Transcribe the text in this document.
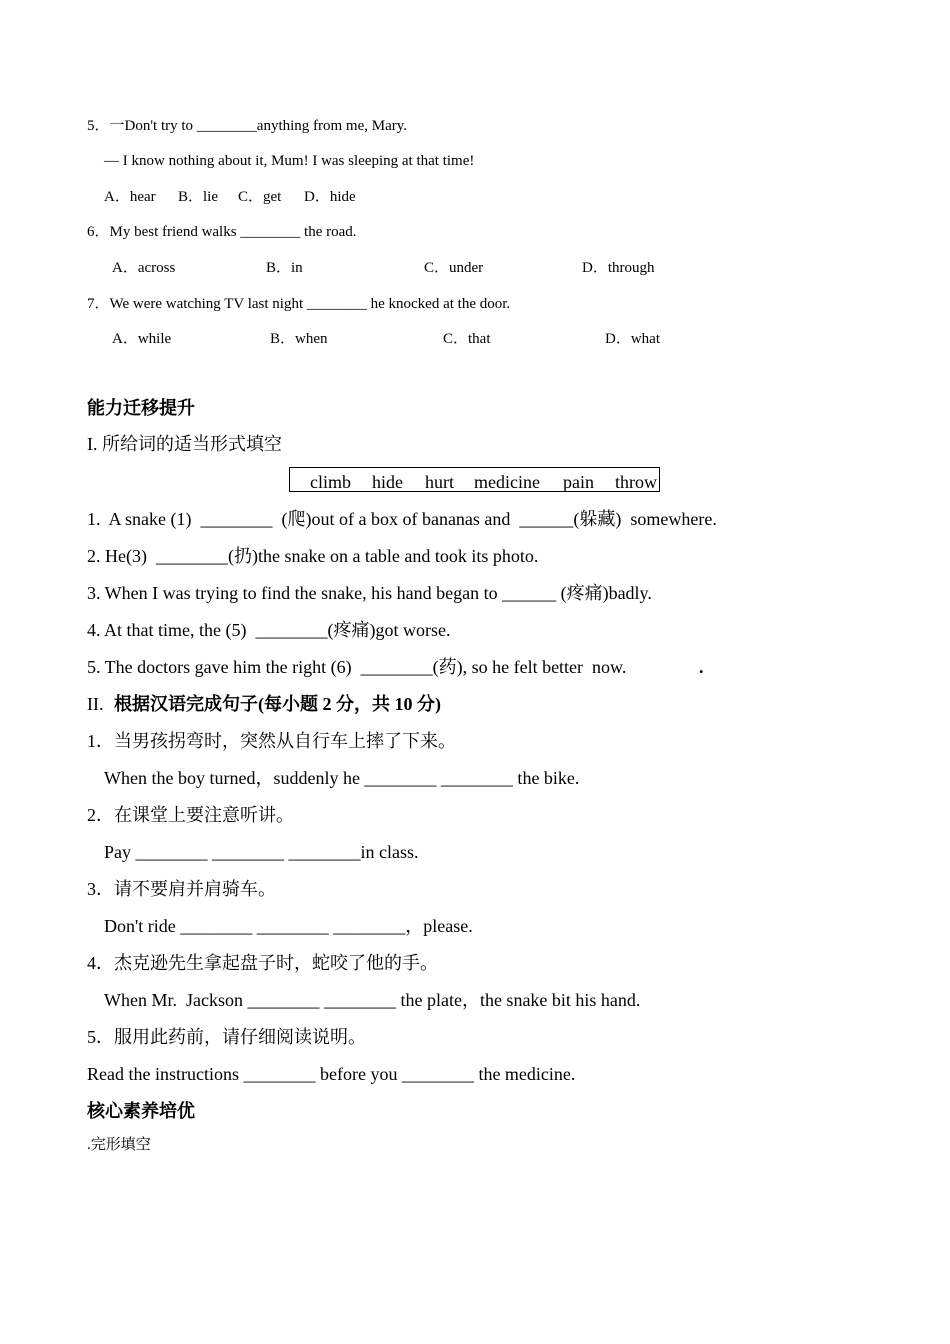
5．一Don't try to ________anything from me, Mary.
— I know nothing about it, Mum! I was sleeping at that time!
A．hear B．lie C．get D．hide
6．My best friend walks ________ the road.
A．across	B．in	C．under	D．through
7．We were watching TV last night ________ he knocked at the door.
A．while	B．when	C．that	D．what
能力迁移提升
I. 所给词的适当形式填空
climb hide hurt medicine pain throw
1.  A snake (1)  ________  (爬)out of a box of bananas and  ______(躲藏)  somewhere.
2. He(3)  ________(扔)the snake on a table and took its photo.
3. When I was trying to find the snake, his hand began to ______ (疼痛)badly.
4. At that time, the (5)  ________(疼痛)got worse.
5. The doctors gave him the right (6)  ________(药), so he felt better  now.	.
II. 根据汉语完成句子(每小题 2 分，共 10 分)
1．当男孩拐弯时，突然从自行车上摔了下来。
When the boy turned，suddenly he ________ ________ the bike.
2．在课堂上要注意听讲。
Pay ________ ________ ________in class.
3．请不要肩并肩骑车。
Don't ride ________ ________ ________，please.
4．杰克逊先生拿起盘子时，蛇咬了他的手。
When Mr.  Jackson ________ ________ the plate，the snake bit his hand.
5．服用此药前，请仔细阅读说明。
Read the instructions ________ before you ________ the medicine.
核心素养培优
.完形填空
